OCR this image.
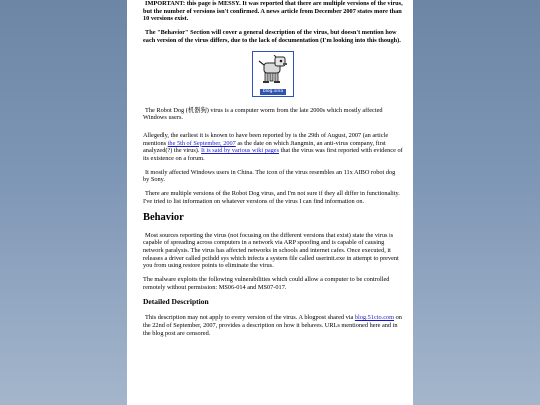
IMPORTANT: this page is MESSY. It was reported that there are multiple versions of the virus, but the number of versions isn't confirmed. A news article from December 2007 states more than 10 versions exist.

The "Behavior" Section will cover a general description of the virus, but doesn't mention how each version of the virus differs, due to the lack of documentation (I'm looking into this though).

blog.sina

The Robot Dog (机器狗) virus is a computer worm from the late 2000s which mostly affected Windows users.

Allegedly, the earliest it is known to have been reported by is the 29th of August, 2007 (an article mentions the 5th of September, 2007 as the date on which Jiangmin, an anti-virus company, first analyzed(?) the virus). It is said by various wiki pages that the virus was first reported with evidence of its existence on a forum.

It mostly affected Windows users in China. The icon of the virus resembles an 11x AIBO robot dog by Sony.

There are multiple versions of the Robot Dog virus, and I'm not sure if they all differ in functionality. I've tried to list information on whatever versions of the virus I can find information on.

Behavior

Most sources reporting the virus (not focusing on the different versions that exist) state the virus is capable of spreading across computers in a network via ARP spoofing and is capable of causing network paralysis. The virus has affected networks in schools and internet cafes. Once executed, it releases a driver called pcihdd sys which infects a system file called userinit.exe in attempt to prevent you from using restore points to eliminate the virus.

The malware exploits the following vulnerabilities which could allow a computer to be controlled remotely without permission: MS06-014 and MS07-017.

Detailed Description

This description may not apply to every version of the virus. A blogpost shared via blog.51cto.com on the 22nd of September, 2007, provides a description on how it behaves. URLs mentioned here and in the blog post are censored.
